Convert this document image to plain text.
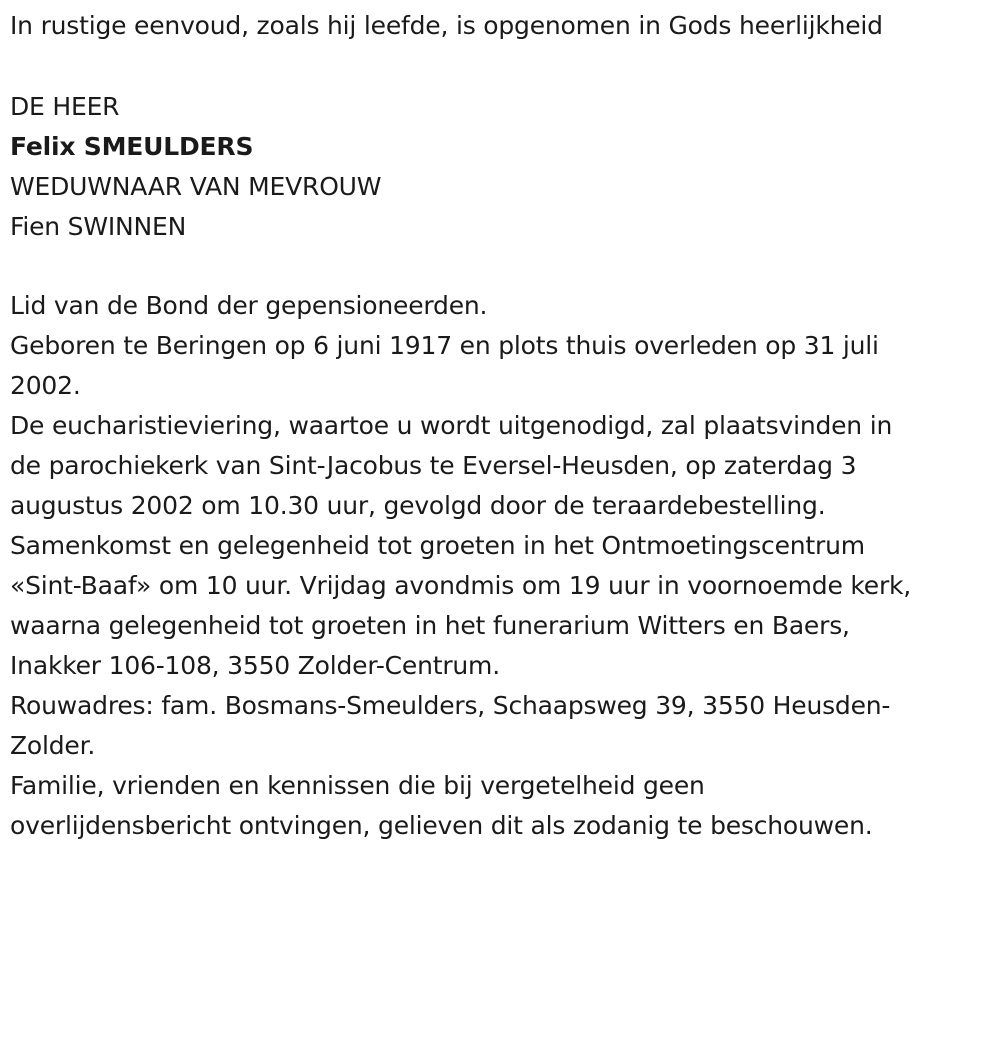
In rustige eenvoud, zoals hij leefde, is opgenomen in Gods heerlijkheid
DE HEER
Felix SMEULDERS
WEDUWNAAR VAN MEVROUW
Fien SWINNEN
Lid van de Bond der gepensioneerden.
Geboren te Beringen op 6 juni 1917 en plots thuis overleden op 31 juli
2002.
De eucharistieviering, waartoe u wordt uitgenodigd, zal plaatsvinden in
de parochiekerk van Sint-Jacobus te Eversel-Heusden, op zaterdag 3
augustus 2002 om 10.30 uur, gevolgd door de teraardebestelling.
Samenkomst en gelegenheid tot groeten in het Ontmoetingscentrum
«Sint-Baaf» om 10 uur. Vrijdag avondmis om 19 uur in voornoemde kerk,
waarna gelegenheid tot groeten in het funerarium Witters en Baers,
Inakker 106-108, 3550 Zolder-Centrum.
Rouwadres: fam. Bosmans-Smeulders, Schaapsweg 39, 3550 Heusden-
Zolder.
Familie, vrienden en kennissen die bij vergetelheid geen
overlijdensbericht ontvingen, gelieven dit als zodanig te beschouwen.
